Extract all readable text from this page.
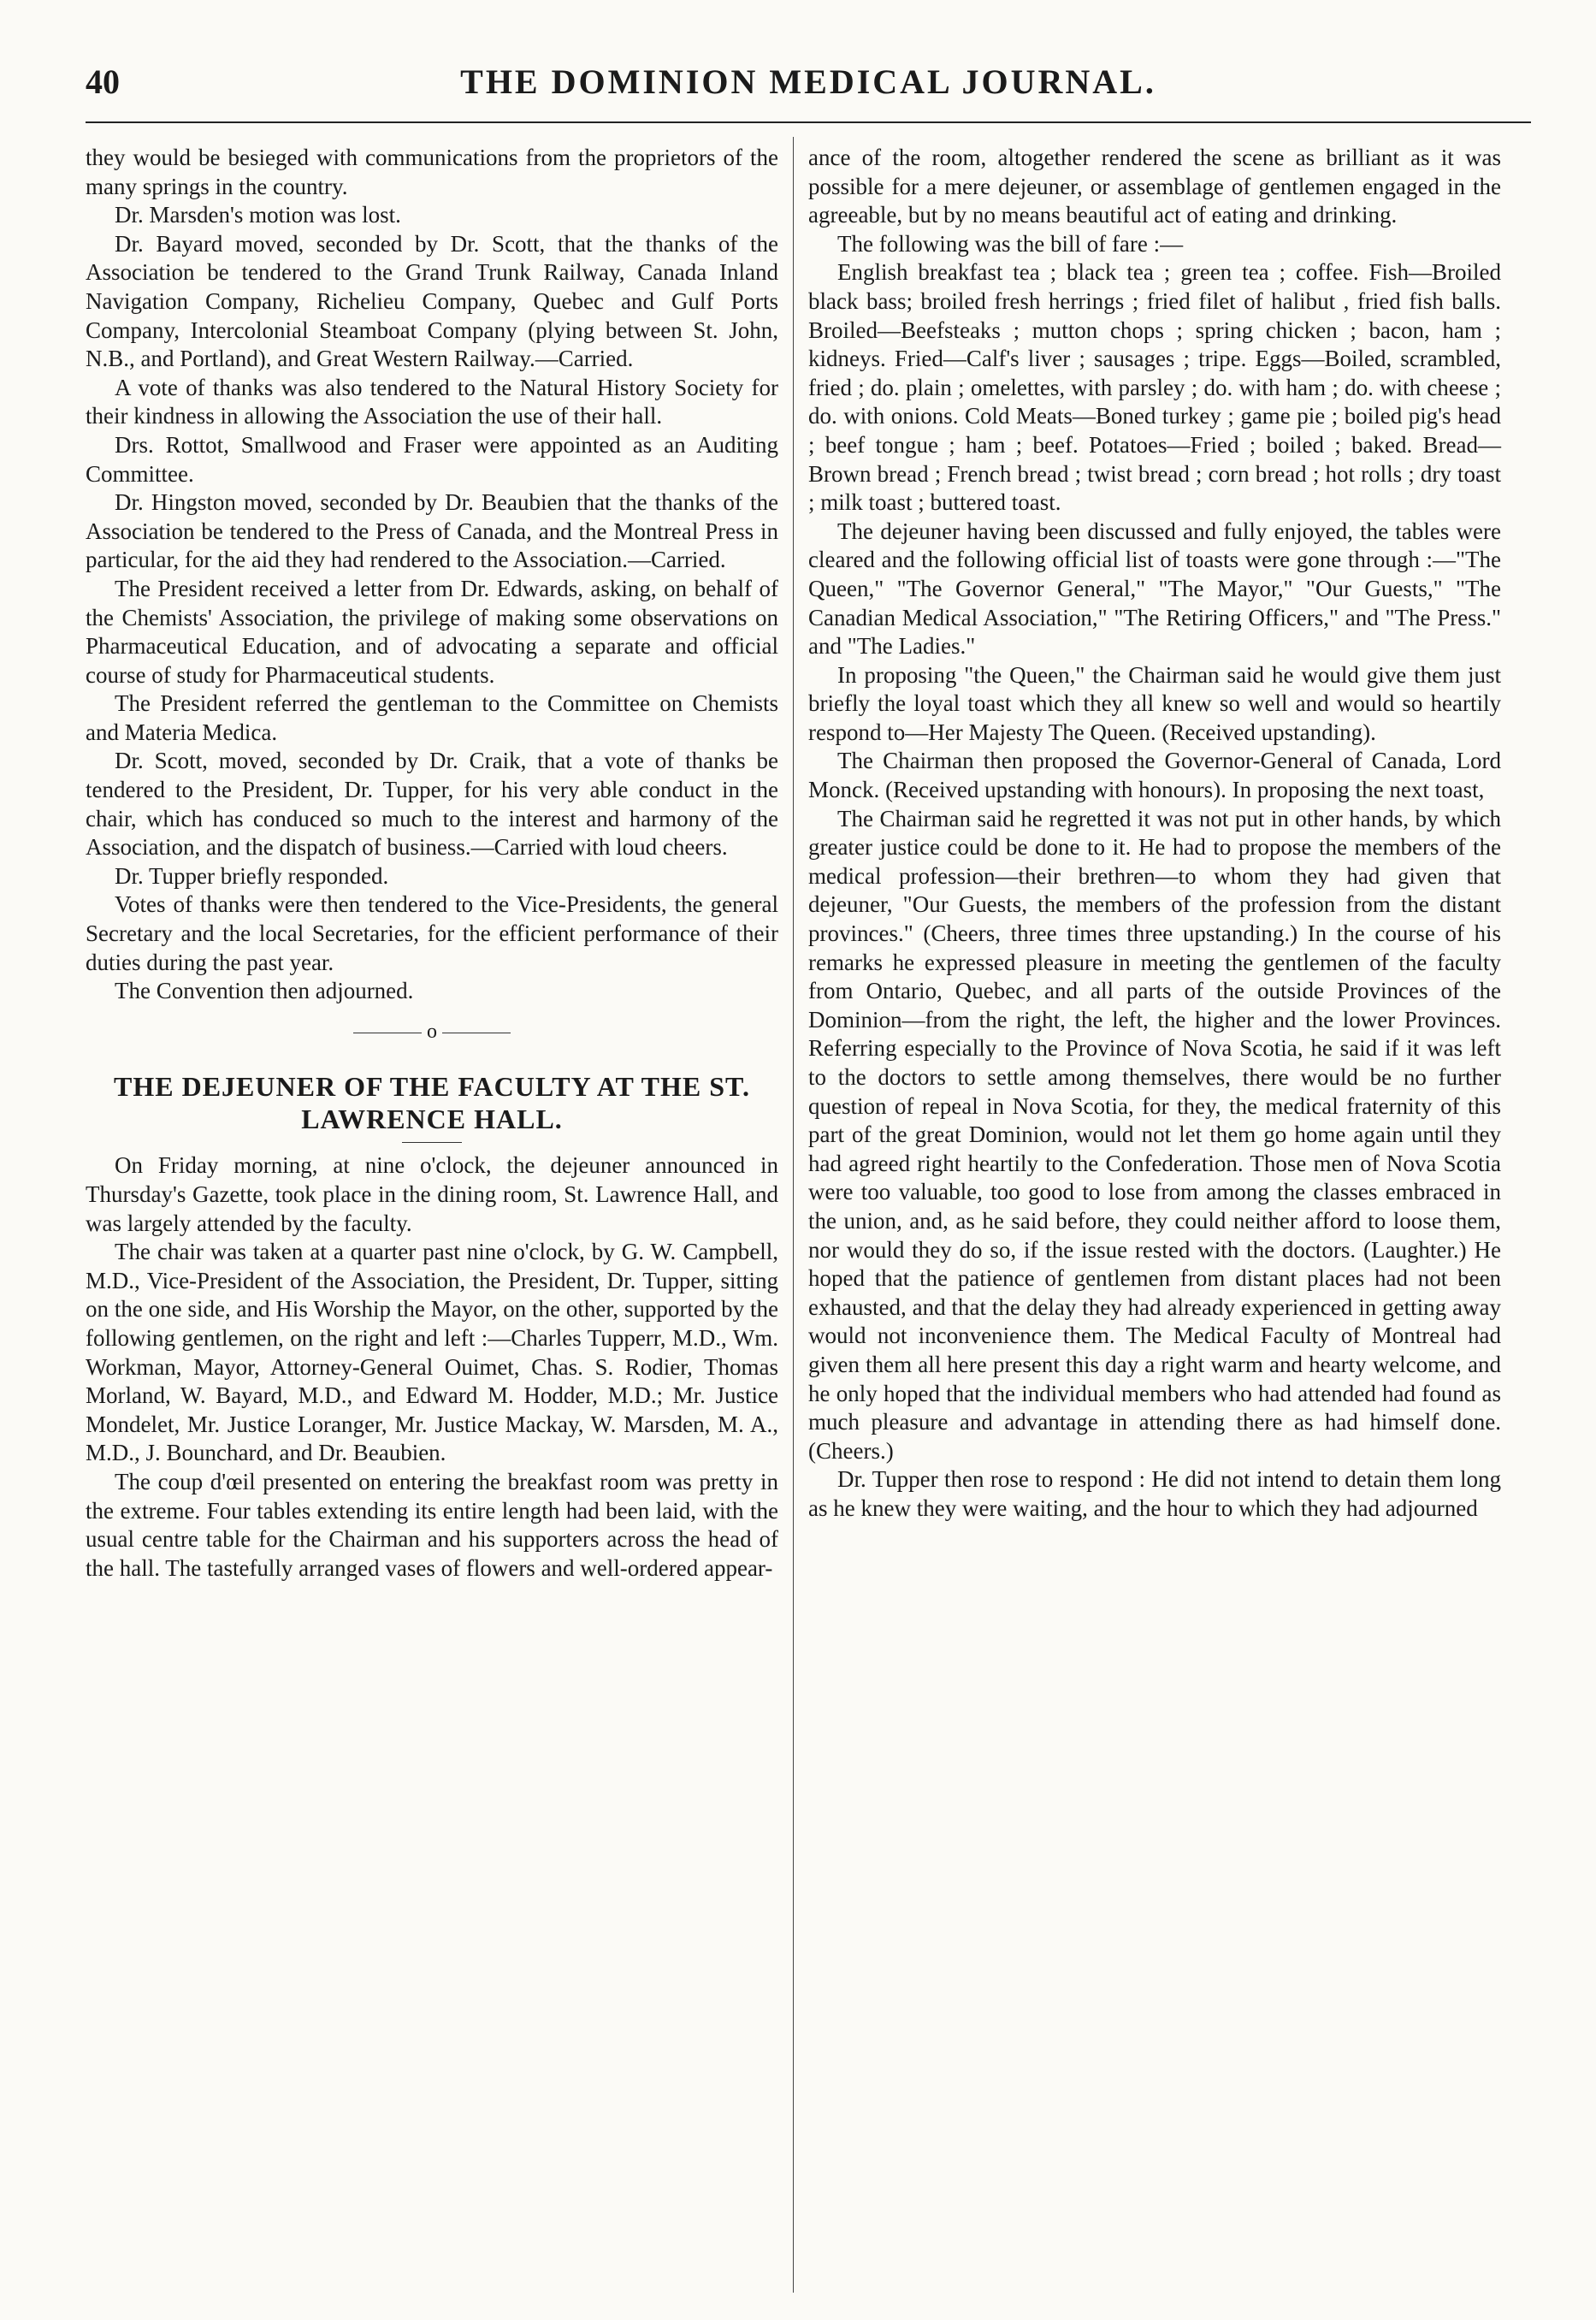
40	THE DOMINION MEDICAL JOURNAL.

they would be besieged with communications from the proprietors of the many springs in the country.

Dr. Marsden's motion was lost.

Dr. Bayard moved, seconded by Dr. Scott, that the thanks of the Association be tendered to the Grand Trunk Railway, Canada Inland Navigation Company, Richelieu Company, Quebec and Gulf Ports Company, Intercolonial Steamboat Company (plying between St. John, N.B., and Portland), and Great Western Railway.—Carried.

A vote of thanks was also tendered to the Natural History Society for their kindness in allowing the Association the use of their hall.

Drs. Rottot, Smallwood and Fraser were appointed as an Auditing Committee.

Dr. Hingston moved, seconded by Dr. Beaubien that the thanks of the Association be tendered to the Press of Canada, and the Montreal Press in particular, for the aid they had rendered to the Association.—Carried.

The President received a letter from Dr. Edwards, asking, on behalf of the Chemists' Association, the privilege of making some observations on Pharmaceutical Education, and of advocating a separate and official course of study for Pharmaceutical students.

The President referred the gentleman to the Committee on Chemists and Materia Medica.

Dr. Scott, moved, seconded by Dr. Craik, that a vote of thanks be tendered to the President, Dr. Tupper, for his very able conduct in the chair, which has conduced so much to the interest and harmony of the Association, and the dispatch of business.—Carried with loud cheers.

Dr. Tupper briefly responded.

Votes of thanks were then tendered to the Vice-Presidents, the general Secretary and the local Secretaries, for the efficient performance of their duties during the past year.

The Convention then adjourned.

o
THE DEJEUNER OF THE FACULTY AT THE ST. LAWRENCE HALL.

On Friday morning, at nine o'clock, the dejeuner announced in Thursday's Gazette, took place in the dining room, St. Lawrence Hall, and was largely attended by the faculty.

The chair was taken at a quarter past nine o'clock, by G. W. Campbell, M.D., Vice-President of the Association, the President, Dr. Tupper, sitting on the one side, and His Worship the Mayor, on the other, supported by the following gentlemen, on the right and left :—Charles Tupperr, M.D., Wm. Workman, Mayor, Attorney-General Ouimet, Chas. S. Rodier, Thomas Morland, W. Bayard, M.D., and Edward M. Hodder, M.D.; Mr. Justice Mondelet, Mr. Justice Loranger, Mr. Justice Mackay, W. Marsden, M. A., M.D., J. Bounchard, and Dr. Beaubien.

The coup d'œil presented on entering the breakfast room was pretty in the extreme. Four tables extending its entire length had been laid, with the usual centre table for the Chairman and his supporters across the head of the hall. The tastefully arranged vases of flowers and well-ordered appear-

ance of the room, altogether rendered the scene as brilliant as it was possible for a mere dejeuner, or assemblage of gentlemen engaged in the agreeable, but by no means beautiful act of eating and drinking.

The following was the bill of fare :—

English breakfast tea ; black tea ; green tea ; coffee. Fish—Broiled black bass; broiled fresh herrings ; fried filet of halibut , fried fish balls. Broiled—Beefsteaks ; mutton chops ; spring chicken ; bacon, ham ; kidneys. Fried—Calf's liver ; sausages ; tripe. Eggs—Boiled, scrambled, fried ; do. plain ; omelettes, with parsley ; do. with ham ; do. with cheese ; do. with onions. Cold Meats—Boned turkey ; game pie ; boiled pig's head ; beef tongue ; ham ; beef. Potatoes—Fried ; boiled ; baked. Bread—Brown bread ; French bread ; twist bread ; corn bread ; hot rolls ; dry toast ; milk toast ; buttered toast.

The dejeuner having been discussed and fully enjoyed, the tables were cleared and the following official list of toasts were gone through :—"The Queen," "The Governor General," "The Mayor," "Our Guests," "The Canadian Medical Association," "The Retiring Officers," and "The Press." and "The Ladies."

In proposing "the Queen," the Chairman said he would give them just briefly the loyal toast which they all knew so well and would so heartily respond to—Her Majesty The Queen. (Received upstanding).

The Chairman then proposed the Governor-General of Canada, Lord Monck. (Received upstanding with honours). In proposing the next toast,

The Chairman said he regretted it was not put in other hands, by which greater justice could be done to it. He had to propose the members of the medical profession—their brethren—to whom they had given that dejeuner, "Our Guests, the members of the profession from the distant provinces." (Cheers, three times three upstanding.) In the course of his remarks he expressed pleasure in meeting the gentlemen of the faculty from Ontario, Quebec, and all parts of the outside Provinces of the Dominion—from the right, the left, the higher and the lower Provinces. Referring especially to the Province of Nova Scotia, he said if it was left to the doctors to settle among themselves, there would be no further question of repeal in Nova Scotia, for they, the medical fraternity of this part of the great Dominion, would not let them go home again until they had agreed right heartily to the Confederation. Those men of Nova Scotia were too valuable, too good to lose from among the classes embraced in the union, and, as he said before, they could neither afford to loose them, nor would they do so, if the issue rested with the doctors. (Laughter.) He hoped that the patience of gentlemen from distant places had not been exhausted, and that the delay they had already experienced in getting away would not inconvenience them. The Medical Faculty of Montreal had given them all here present this day a right warm and hearty welcome, and he only hoped that the individual members who had attended had found as much pleasure and advantage in attending there as had himself done. (Cheers.)

Dr. Tupper then rose to respond : He did not intend to detain them long as he knew they were waiting, and the hour to which they had adjourned
